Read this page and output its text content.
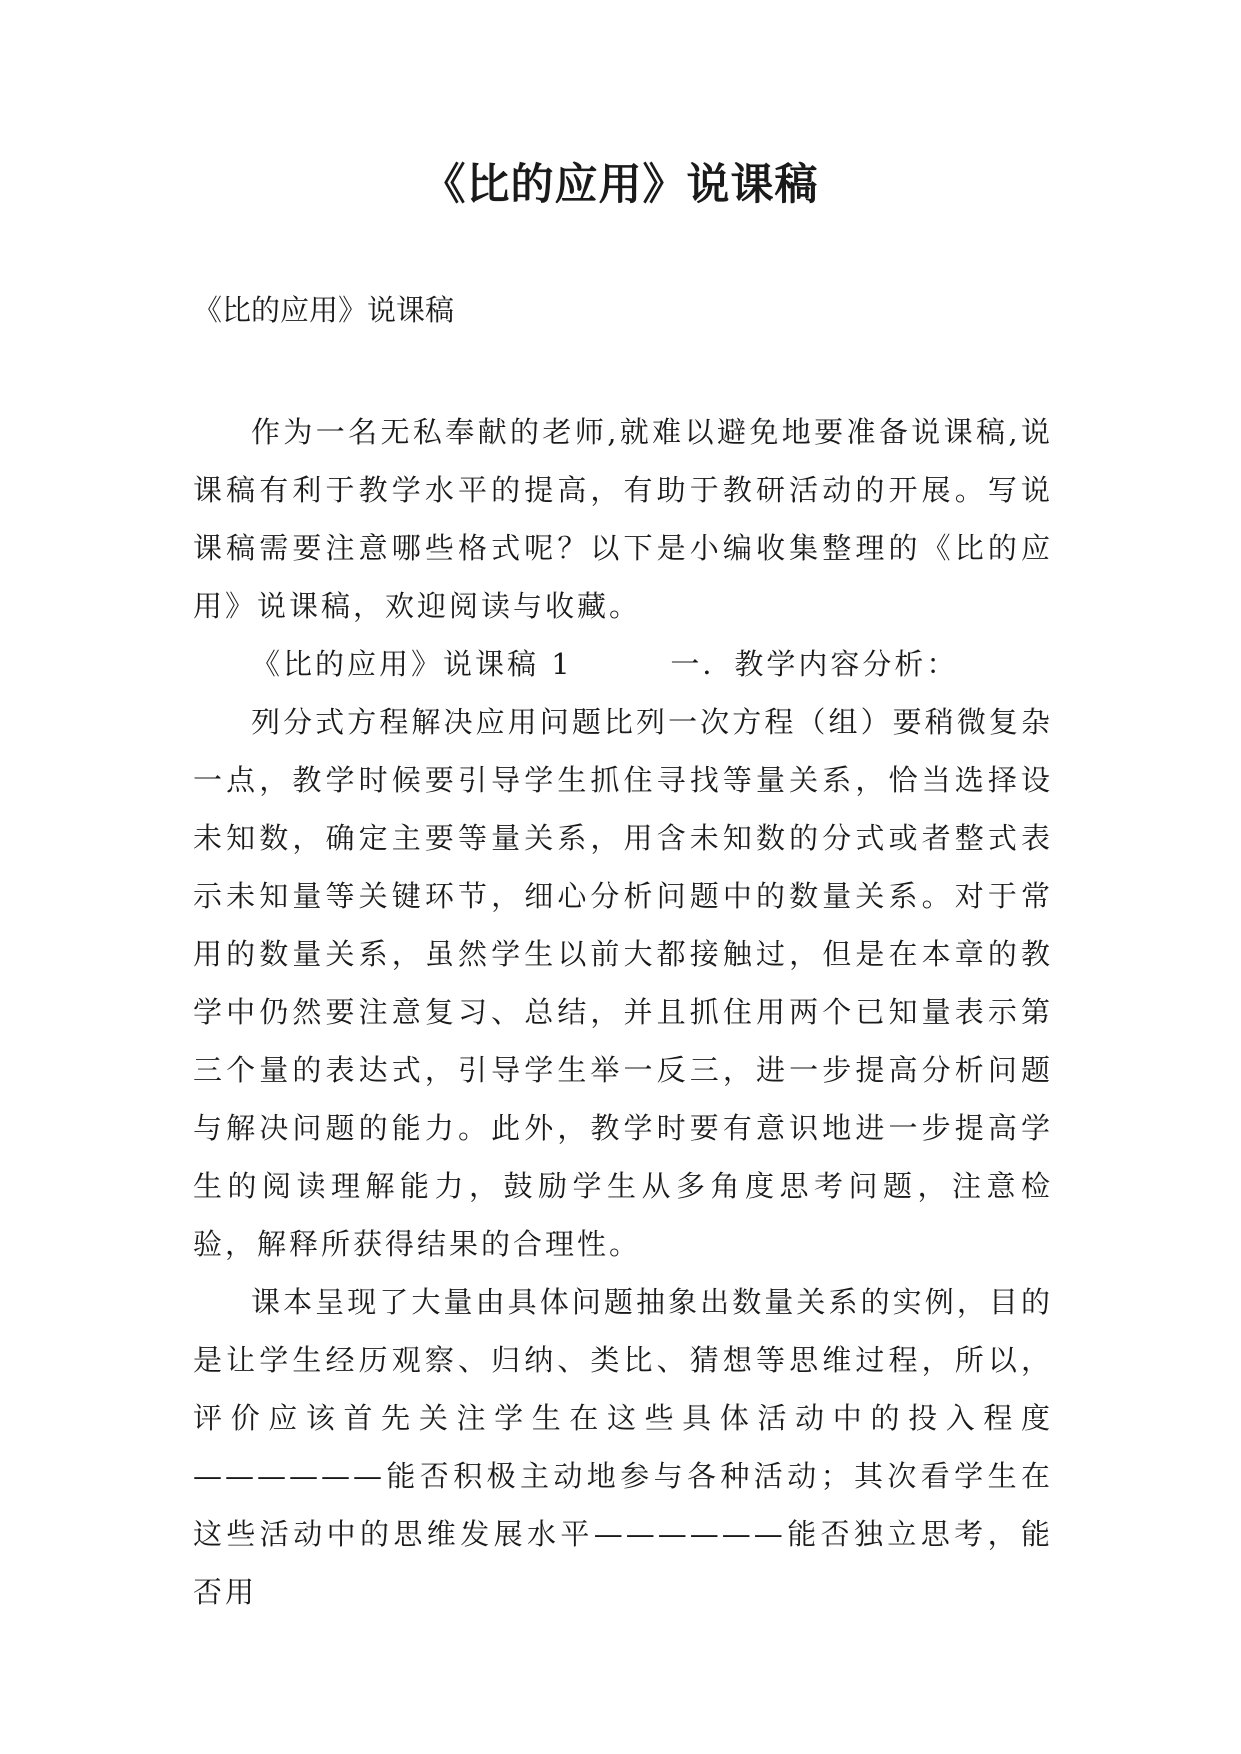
《比的应用》说课稿
《比的应用》说课稿

作为一名无私奉献的老师,就难以避免地要准备说课稿,说课稿有利于教学水平的提高，有助于教研活动的开展。写说课稿需要注意哪些格式呢？以下是小编收集整理的《比的应用》说课稿，欢迎阅读与收藏。

《比的应用》说课稿 1        一．教学内容分析：

列分式方程解决应用问题比列一次方程（组）要稍微复杂一点，教学时候要引导学生抓住寻找等量关系，恰当选择设未知数，确定主要等量关系，用含未知数的分式或者整式表示未知量等关键环节，细心分析问题中的数量关系。对于常用的数量关系，虽然学生以前大都接触过，但是在本章的教学中仍然要注意复习、总结，并且抓住用两个已知量表示第三个量的表达式，引导学生举一反三，进一步提高分析问题与解决问题的能力。此外，教学时要有意识地进一步提高学生的阅读理解能力，鼓励学生从多角度思考问题，注意检验，解释所获得结果的合理性。

课本呈现了大量由具体问题抽象出数量关系的实例，目的是让学生经历观察、归纳、类比、猜想等思维过程，所以，评价应该首先关注学生在这些具体活动中的投入程度——————能否积极主动地参与各种活动；其次看学生在这些活动中的思维发展水平——————能否独立思考，能否用
